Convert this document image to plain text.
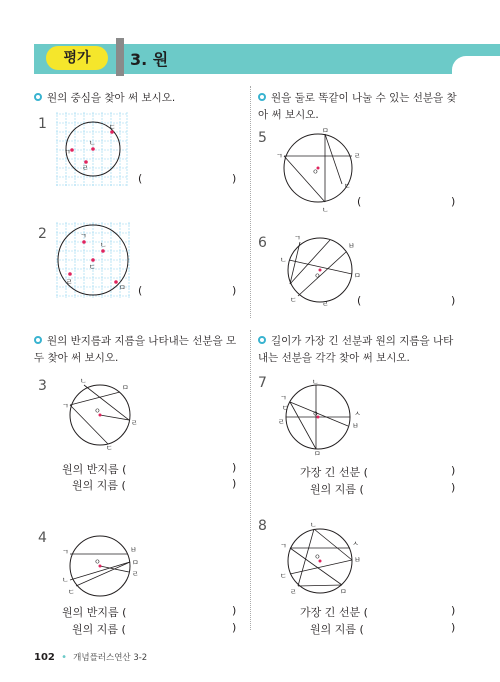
평가	3. 원
원의 중심을 찾아 써 보시오.	원을 둘로 똑같이 나눌 수 있는 선분을 찾아 써 보시오.
원의 반지름과 지름을 나타내는 선분을 모두 찾아 써 보시오.
길이가 가장 긴 선분과 원의 지름을 나타내는 선분을 각각 찾아 써 보시오.
1
2
3
4
5
6
7
8
ㄱ
ㄴ
ㄷ
ㄹ
ㄱ
ㄴ
ㄷ
ㄹ
ㅁ
ㄱ
ㄴ
ㄷ
ㄹ
ㅁ
ㅇ
ㄱ
ㄴ
ㄷ
ㄹ
ㅁ
ㅂ
ㅇ
ㄱ
ㄴ
ㄷ
ㄹ
ㅁ
ㅇ
ㄱ
ㄴ
ㄷ	ㄹ
ㅁ
ㅂ
ㅇ
ㄱ
ㄴ
ㄷ
ㄹ
ㅁ
ㅂ
ㅅ
ㅇ
ㄱ
ㄴ
ㄷ
ㄹ	ㅁ
ㅂ
ㅅ
ㅇ
(	)
(	)
(	)
(	)
원의 반지름 (	)
원의 지름 (	)
원의 반지름 (	)
원의 지름 (	)
가장 긴 선분 (	)
원의 지름 (	)
가장 긴 선분 (	)
원의 지름 (	)
102 • 개념플러스연산 3-2
